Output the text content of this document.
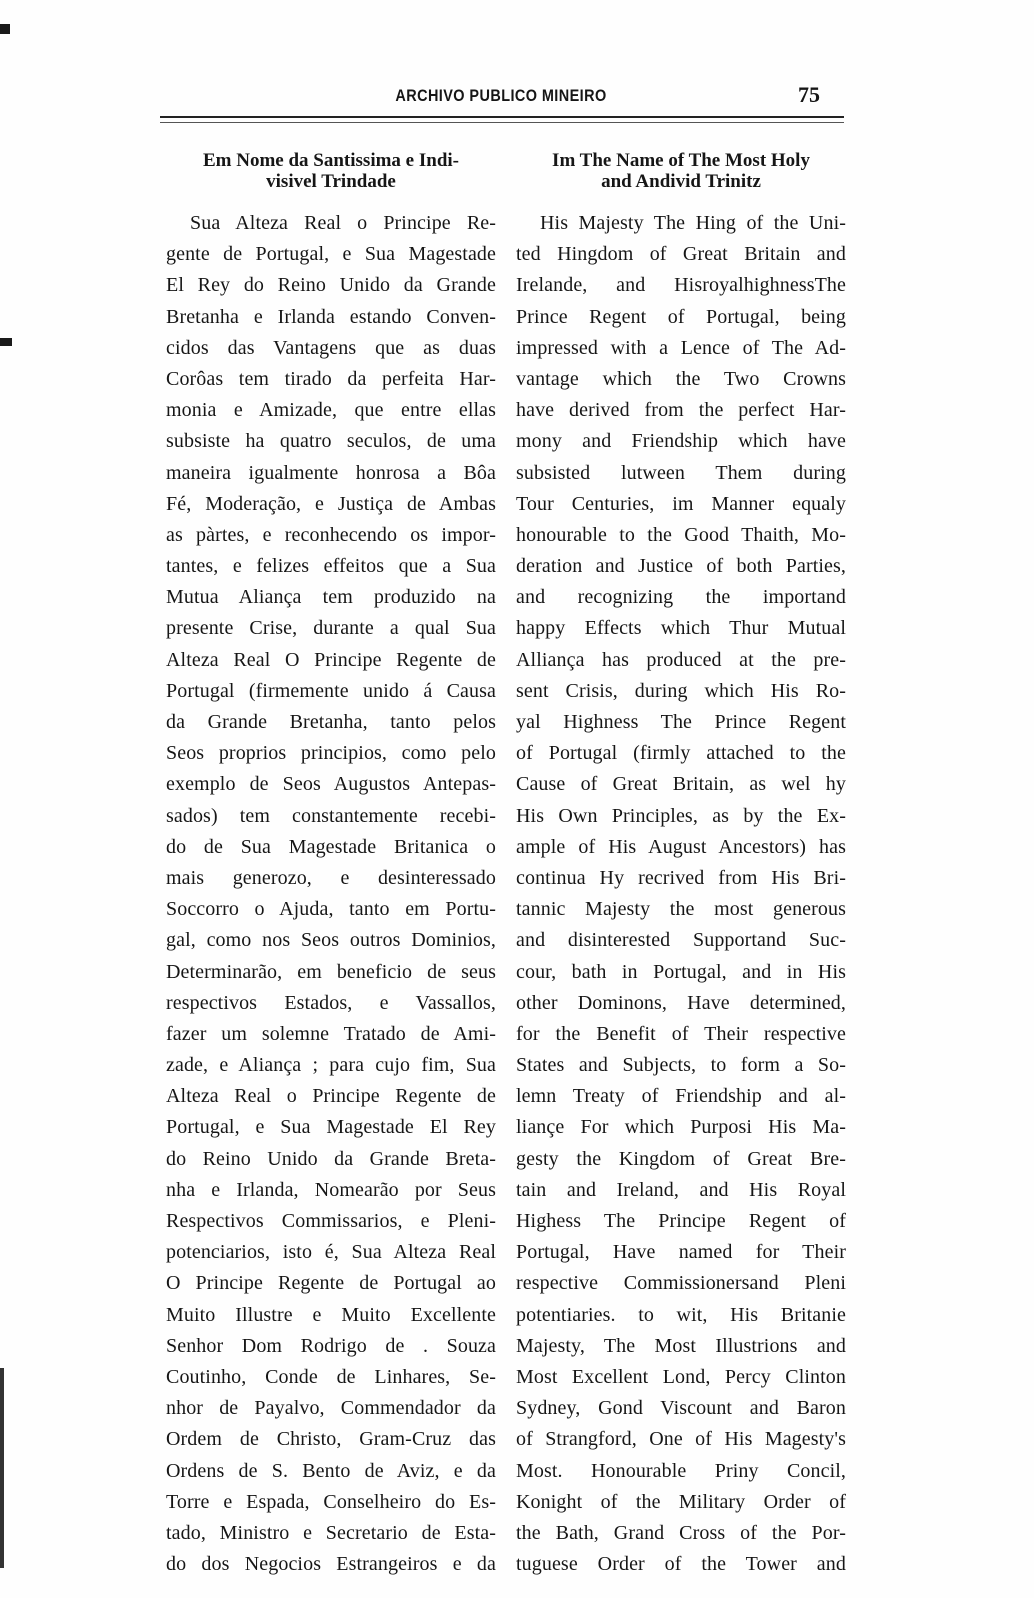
ARCHIVO PUBLICO MINEIRO	75
Em Nome da Santissima e Indi-
visivel Trindade
Sua Alteza Real o Principe Re-
gente de Portugal, e Sua Magestade
El Rey do Reino Unido da Grande
Bretanha e Irlanda estando Conven-
cidos das Vantagens que as duas
Corôas tem tirado da perfeita Har-
monia e Amizade, que entre ellas
subsiste ha quatro seculos, de uma
maneira igualmente honrosa a Bôa
Fé, Moderação, e Justiça de Ambas
as pàrtes, e reconhecendo os impor-
tantes, e felizes effeitos que a Sua
Mutua Aliança tem produzido na
presente Crise, durante a qual Sua
Alteza Real O Principe Regente de
Portugal (firmemente unido á Causa
da Grande Bretanha, tanto pelos
Seos proprios principios, como pelo
exemplo de Seos Augustos Antepas-
sados) tem constantemente recebi-
do de Sua Magestade Britanica o
mais generozo, e desinteressado
Soccorro o Ajuda, tanto em Portu-
gal, como nos Seos outros Dominios,
Determinarão, em beneficio de seus
respectivos Estados, e Vassallos,
fazer um solemne Tratado de Ami-
zade, e Aliança ; para cujo fim, Sua
Alteza Real o Principe Regente de
Portugal, e Sua Magestade El Rey
do Reino Unido da Grande Breta-
nha e Irlanda, Nomearão por Seus
Respectivos Commissarios, e Pleni-
potenciarios, isto é, Sua Alteza Real
O Principe Regente de Portugal ao
Muito Illustre e Muito Excellente
Senhor Dom Rodrigo de . Souza
Coutinho, Conde de Linhares, Se-
nhor de Payalvo, Commendador da
Ordem de Christo, Gram-Cruz das
Ordens de S. Bento de Aviz, e da
Torre e Espada, Conselheiro do Es-
tado, Ministro e Secretario de Esta-
do dos Negocios Estrangeiros e da
Im The Name of The Most Holy
and Andivid Trinitz
His Majesty The Hing of the Uni-
ted Hingdom of Great Britain and
Irelande, and HisroyalhighnessThe
Prince Regent of Portugal, being
impressed with a Lence of The Ad-
vantage which the Two Crowns
have derived from the perfect Har-
mony and Friendship which have
subsisted lutween Them during
Tour Centuries, im Manner equaly
honourable to the Good Thaith, Mo-
deration and Justice of both Parties,
and recognizing the importand
happy Effects which Thur Mutual
Alliança has produced at the pre-
sent Crisis, during which His Ro-
yal Highness The Prince Regent
of Portugal (firmly attached to the
Cause of Great Britain, as wel hy
His Own Principles, as by the Ex-
ample of His August Ancestors) has
continua Hy recrived from His Bri-
tannic Majesty the most generous
and disinterested Supportand Suc-
cour, bath in Portugal, and in His
other Dominons, Have determined,
for the Benefit of Their respective
States and Subjects, to form a So-
lemn Treaty of Friendship and al-
liançe For which Purposi His Ma-
gesty the Kingdom of Great Bre-
tain and Ireland, and His Royal
Highess The Principe Regent of
Portugal, Have named for Their
respective Commissionersand Pleni
potentiaries. to wit, His Britanie
Majesty, The Most Illustrions and
Most Excellent Lond, Percy Clinton
Sydney, Gond Viscount and Baron
of Strangford, One of His Magesty's
Most. Honourable Priny Concil,
Konight of the Military Order of
the Bath, Grand Cross of the Por-
tuguese Order of the Tower and
